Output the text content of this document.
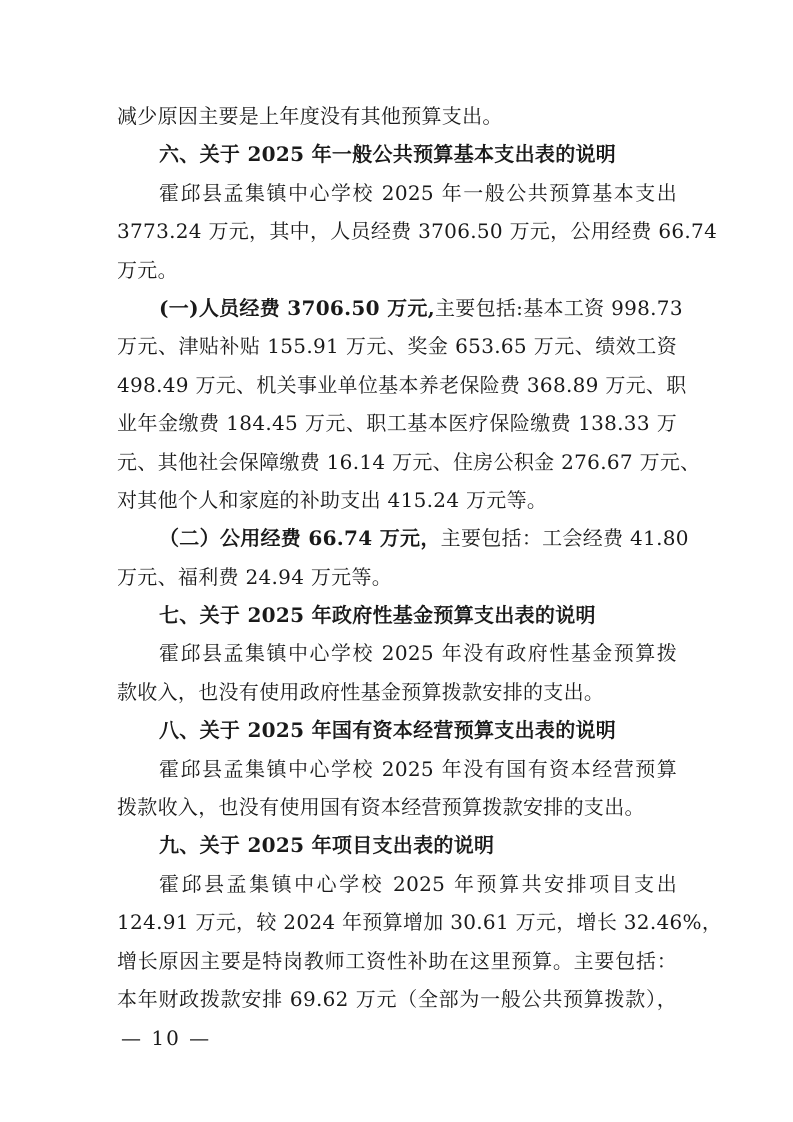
减少原因主要是上年度没有其他预算支出。
六、关于 2025 年一般公共预算基本支出表的说明
霍邱县孟集镇中心学校 2025 年一般公共预算基本支出
3773.24 万元，其中，人员经费 3706.50 万元，公用经费 66.74
万元。
(一)人员经费 3706.50 万元,主要包括:基本工资 998.73
万元、津贴补贴 155.91 万元、奖金 653.65 万元、绩效工资
498.49 万元、机关事业单位基本养老保险费 368.89 万元、职
业年金缴费 184.45 万元、职工基本医疗保险缴费 138.33 万
元、其他社会保障缴费 16.14 万元、住房公积金 276.67 万元、
对其他个人和家庭的补助支出 415.24 万元等。
（二）公用经费 66.74 万元，主要包括：工会经费 41.80
万元、福利费 24.94 万元等。
七、关于 2025 年政府性基金预算支出表的说明
霍邱县孟集镇中心学校 2025 年没有政府性基金预算拨
款收入，也没有使用政府性基金预算拨款安排的支出。
八、关于 2025 年国有资本经营预算支出表的说明
霍邱县孟集镇中心学校 2025 年没有国有资本经营预算
拨款收入，也没有使用国有资本经营预算拨款安排的支出。
九、关于 2025 年项目支出表的说明
霍邱县孟集镇中心学校 2025 年预算共安排项目支出
124.91 万元，较 2024 年预算增加 30.61 万元，增长 32.46%，
增长原因主要是特岗教师工资性补助在这里预算。主要包括：
本年财政拨款安排 69.62 万元（全部为一般公共预算拨款），
— 10 —
